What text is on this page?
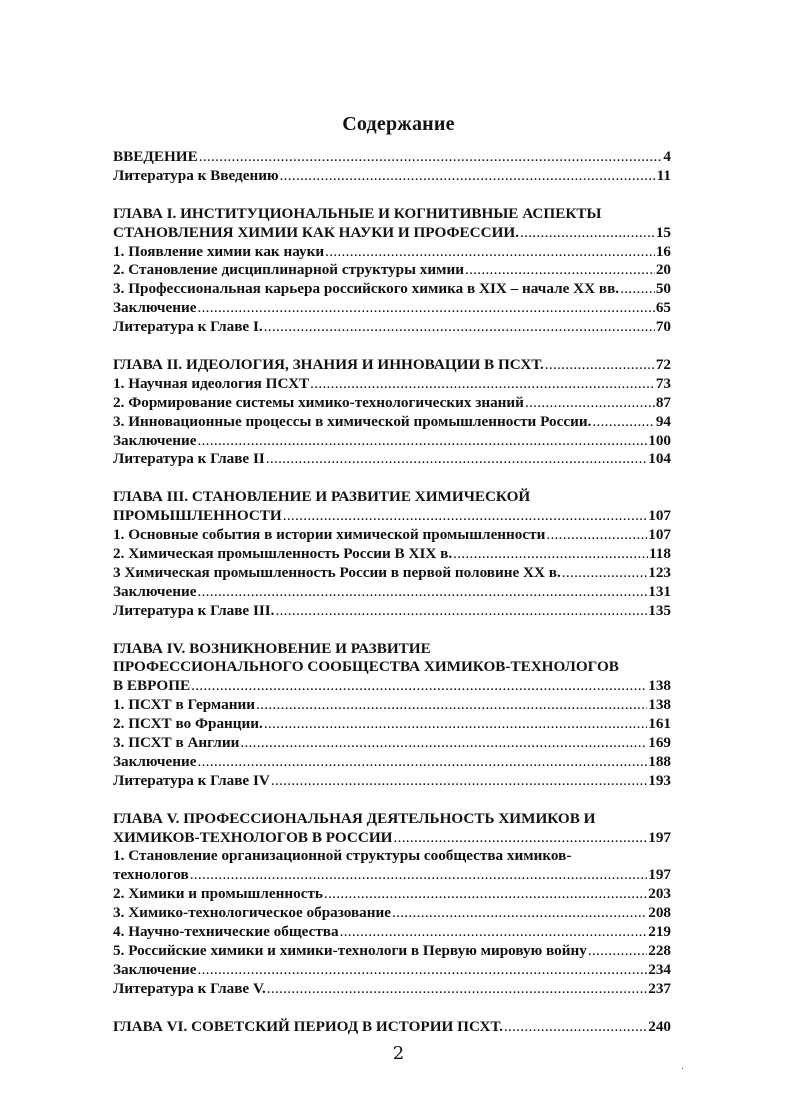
Содержание
ВВЕДЕНИЕ .....	4
Литература к Введению .....	11
ГЛАВА I. ИНСТИТУЦИОНАЛЬНЫЕ И КОГНИТИВНЫЕ АСПЕКТЫ
СТАНОВЛЕНИЯ ХИМИИ КАК НАУКИ И ПРОФЕССИИ. .....	15
1. Появление химии как науки .....	16
2. Становление дисциплинарной структуры химии .....	20
3. Профессиональная карьера российского химика в XIX – начале XX вв. ..... 50
Заключение .....	65
Литература к Главе I. .....	70
ГЛАВА II. ИДЕОЛОГИЯ, ЗНАНИЯ И ИННОВАЦИИ В ПСХТ. .....	72
1. Научная идеология ПСХТ .....	73
2. Формирование системы химико-технологических знаний .....	87
3. Инновационные процессы в химической промышленности России. .....	94
Заключение .....	100
Литература к Главе II .....	104
ГЛАВА III. СТАНОВЛЕНИЕ И РАЗВИТИЕ ХИМИЧЕСКОЙ
ПРОМЫШЛЕННОСТИ .....	107
1. Основные события в истории химической промышленности .....	107
2. Химическая промышленность России В XIX в. .....	118
3 Химическая промышленность России в первой половине XX в. .....	123
Заключение .....	131
Литература к Главе III. .....	135
ГЛАВА IV. ВОЗНИКНОВЕНИЕ И РАЗВИТИЕ
ПРОФЕССИОНАЛЬНОГО СООБЩЕСТВА ХИМИКОВ-ТЕХНОЛОГОВ
В ЕВРОПЕ .....	138
1. ПСХТ в Германии .....	138
2. ПСХТ во Франции. .....	161
3. ПСХТ в Англии .....	169
Заключение .....	188
Литература к Главе IV .....	193
ГЛАВА V. ПРОФЕССИОНАЛЬНАЯ ДЕЯТЕЛЬНОСТЬ ХИМИКОВ И
ХИМИКОВ-ТЕХНОЛОГОВ В РОССИИ .....	197
1. Становление организационной структуры сообщества химиков-
технологов .....	197
2. Химики и промышленность .....	203
3. Химико-технологическое образование .....	208
4. Научно-технические общества .....	219
5. Российские химики и химики-технологи в Первую мировую войну .....	228
Заключение .....	234
Литература к Главе V. .....	237
ГЛАВА VI. СОВЕТСКИЙ ПЕРИОД В ИСТОРИИ ПСХТ. .....	240
2
